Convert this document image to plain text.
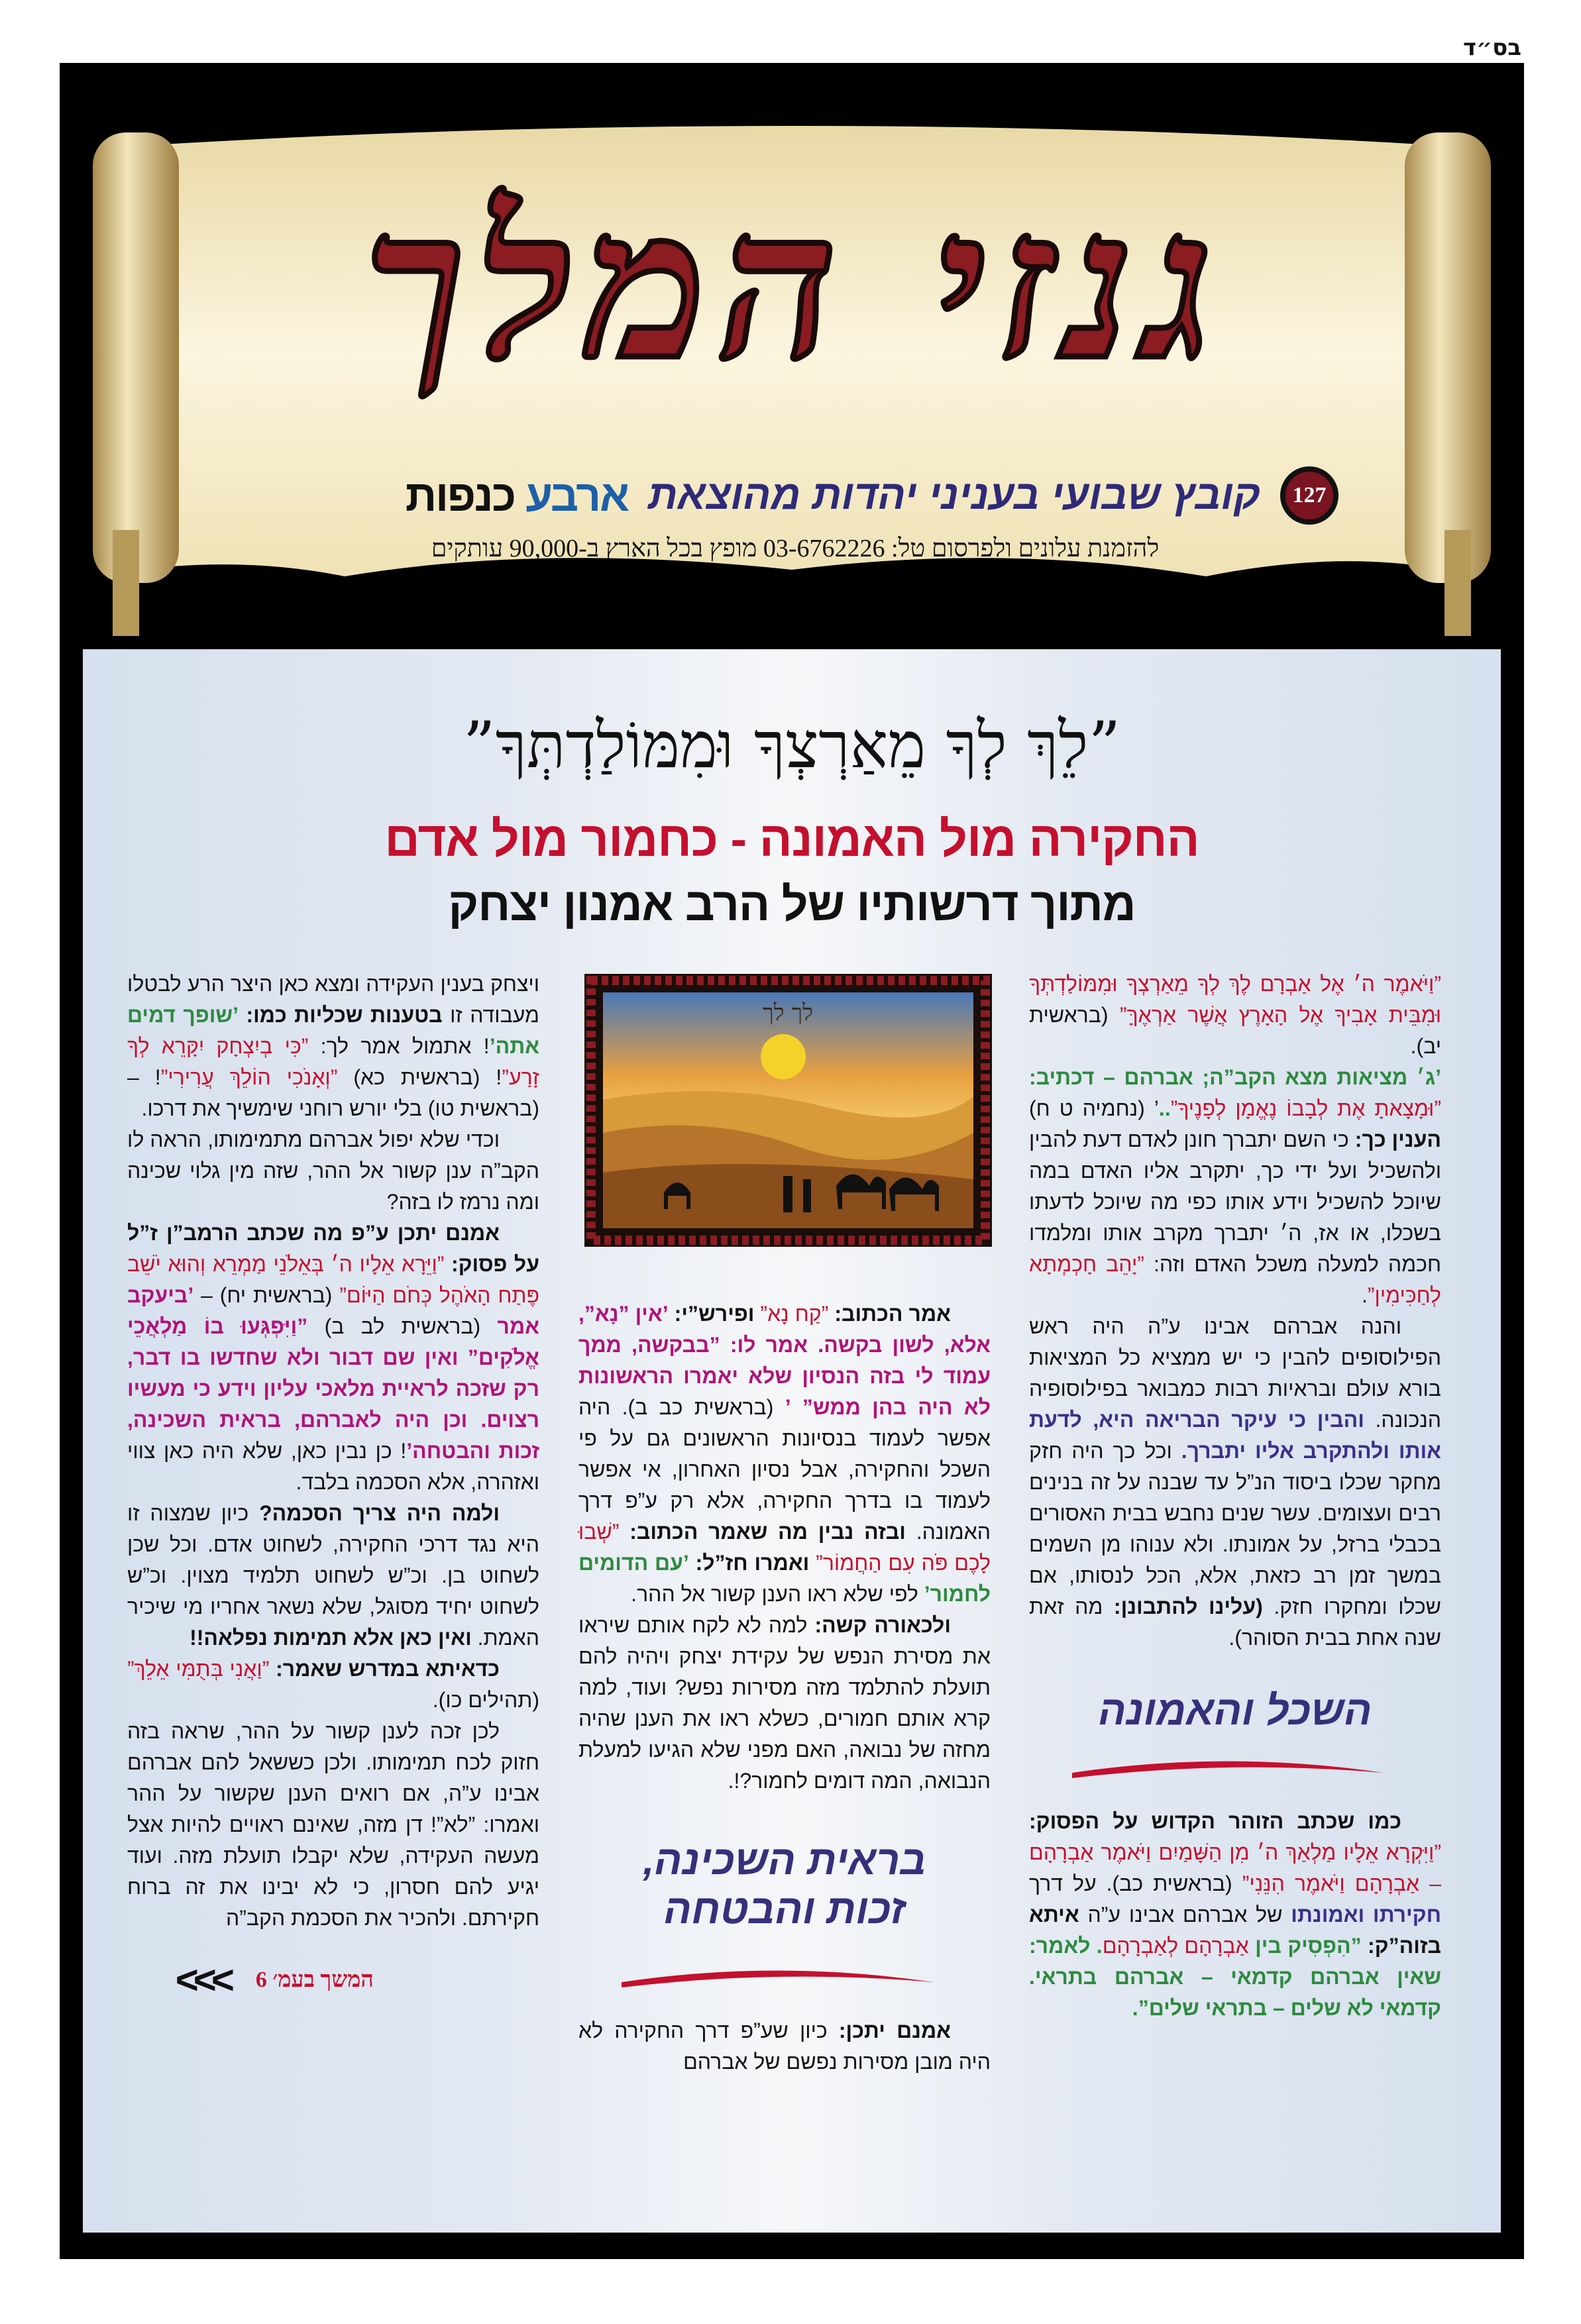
בס״ד
גנזי המלך
127
קובץ שבועי בעניני יהדות מהוצאת
ארבע כנפות
להזמנת עלונים ולפרסום טל: 03-6762226 מופץ בכל הארץ ב-90,000 עותקים
”לֵךְ לְךָ מֵאַרְצְךָ וּמִמּוֹלַדְתְּךָ”
החקירה מול האמונה - כחמור מול אדם
מתוך דרשותיו של הרב אמנון יצחק
לך לך

”וַיֹּאמֶר ה׳ אֶל אַבְרָם לֶךְ לְךָ מֵאַרְצְךָ וּמִמּוֹלַדְתְּךָ וּמִבֵּית אָבִיךָ אֶל הָאָרֶץ אֲשֶׁר אַרְאֶךָּ” (בראשית יב).

’ג׳ מציאות מצא הקב”ה; אברהם – דכתיב: ”וּמָצָאתָ אֶת לְבָבוֹ נֶאֱמָן לְפָנֶיךָ”..’ (נחמיה ט ח) הענין כך: כי השם יתברך חונן לאדם דעת להבין ולהשכיל ועל ידי כך, יתקרב אליו האדם במה שיוכל להשכיל וידע אותו כפי מה שיוכל לדעתו בשכלו, או אז, ה׳ יתברך מקרב אותו ומלמדו חכמה למעלה משכל האדם וזה: ”יָהֵב חָכְמְתָא לְחַכִּימִין”.

והנה אברהם אבינו ע”ה היה ראש הפילוסופים להבין כי יש ממציא כל המציאות בורא עולם ובראיות רבות כמבואר בפילוסופיה הנכונה. והבין כי עיקר הבריאה היא, לדעת אותו ולהתקרב אליו יתברך. וכל כך היה חזק מחקר שכלו ביסוד הנ”ל עד שבנה על זה בנינים רבים ועצומים. עשר שנים נחבש בבית האסורים בכבלי ברזל, על אמונתו. ולא ענוהו מן השמים במשך זמן רב כזאת, אלא, הכל לנסותו, אם שכלו ומחקרו חזק. (עלינו להתבונן: מה זאת שנה אחת בבית הסוהר).

השכל והאמונה

כמו שכתב הזוהר הקדוש על הפסוק: ”וַיִּקְרָא אֵלָיו מַלְאַךְ ה׳ מִן הַשָּׁמַיִם וַיֹּאמֶר אַבְרָהָם – אַבְרָהָם וַיֹּאמֶר הִנֵּנִי” (בראשית כב). על דרך חקירתו ואמונתו של אברהם אבינו ע”ה איתא בזוה”ק: ”הִפְסִיק בין אַבְרָהָם לְאַבְרָהָם. לאמר: שאין אברהם קדמאי – אברהם בתראי. קדמאי לא שלים – בתראי שלים”.

אמר הכתוב: ”קַח נָא” ופירש”י: ’אין ”נָא”, אלא, לשון בקשה. אמר לו: ”בבקשה, ממך עמוד לי בזה הנסיון שלא יאמרו הראשונות לא היה בהן ממש” ’ (בראשית כב ב). היה אפשר לעמוד בנסיונות הראשונים גם על פי השכל והחקירה, אבל נסיון האחרון, אי אפשר לעמוד בו בדרך החקירה, אלא רק ע”פ דרך האמונה. ובזה נבין מה שאמר הכתוב: ”שְׁבוּ לָכֶם פֹּה עִם הַחֲמוֹר” ואמרו חז”ל: ’עם הדומים לחמור’ לפי שלא ראו הענן קשור אל ההר.

ולכאורה קשה: למה לא לקח אותם שיראו את מסירת הנפש של עקידת יצחק ויהיה להם תועלת להתלמד מזה מסירות נפש? ועוד, למה קרא אותם חמורים, כשלא ראו את הענן שהיה מחזה של נבואה, האם מפני שלא הגיעו למעלת הנבואה, המה דומים לחמור?!.

בראית השכינה,
זכות והבטחה

אמנם יתכן: כיון שע”פ דרך החקירה לא היה מובן מסירות נפשם של אברהם

ויצחק בענין העקידה ומצא כאן היצר הרע לבטלו מעבודה זו בטענות שכליות כמו: ’שופך דמים אתה’! אתמול אמר לך: ”כִּי בְיִצְחָק יִקָּרֵא לְךָ זָרַע”! (בראשית כא) ”וְאָנֹכִי הוֹלֵךְ עֲרִירִי”! – (בראשית טו) בלי יורש רוחני שימשיך את דרכו.

וכדי שלא יפול אברהם מתמימותו, הראה לו הקב”ה ענן קשור אל ההר, שזה מין גלוי שכינה ומה נרמז לו בזה?

אמנם יתכן ע”פ מה שכתב הרמב”ן ז”ל על פסוק: ”וַיֵּרָא אֵלָיו ה׳ בְּאֵלֹנֵי מַמְרֵא וְהוּא יֹשֵׁב פֶּתַח הָאֹהֶל כְּחֹם הַיּוֹם” (בראשית יח) – ’ביעקב אמר (בראשית לב ב) ”וַיִּפְגְּעוּ בוֹ מַלְאֲכֵי אֱלֹקִים” ואין שם דבור ולא שחדשו בו דבר, רק שזכה לראיית מלאכי עליון וידע כי מעשיו רצוים. וכן היה לאברהם, בראית השכינה, זכות והבטחה’! כן נבין כאן, שלא היה כאן צווי ואזהרה, אלא הסכמה בלבד.

ולמה היה צריך הסכמה? כיון שמצוה זו היא נגד דרכי החקירה, לשחוט אדם. וכל שכן לשחוט בן. וכ”ש לשחוט תלמיד מצוין. וכ”ש לשחוט יחיד מסוגל, שלא נשאר אחריו מי שיכיר האמת. ואין כאן אלא תמימות נפלאה!!

כדאיתא במדרש שאמר: ”וַאֲנִי בְּתֻמִּי אֵלֵךְ” (תהילים כו).

לכן זכה לענן קשור על ההר, שראה בזה חזוק לכח תמימותו. ולכן כששאל להם אברהם אבינו ע”ה, אם רואים הענן שקשור על ההר ואמרו: ”לא”! דן מזה, שאינם ראויים להיות אצל מעשה העקידה, שלא יקבלו תועלת מזה. ועוד יגיע להם חסרון, כי לא יבינו את זה ברוח חקירתם. ולהכיר את הסכמת הקב”ה

המשך בעמ׳ 6
<<<
